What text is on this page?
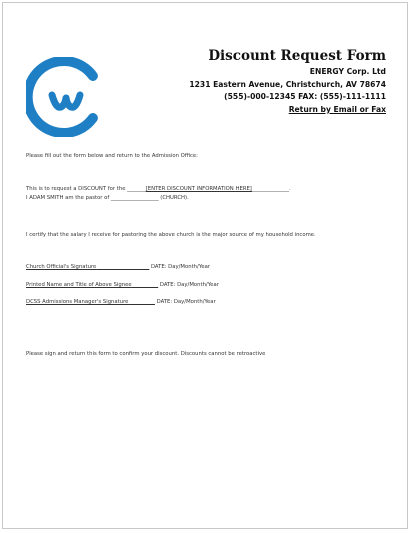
Discount Request Form
ENERGY Corp. Ltd
1231 Eastern Avenue, Christchurch, AV 78674
(555)-000-12345 FAX: (555)-111-1111
Return by Email or Fax
Please fill out the form below and return to the Admission Office:
This is to request a DISCOUNT for the _______[ENTER DISCOUNT INFORMATION HERE]______________.
I ADAM SMITH am the pastor of __________________ (CHURCH).
I certify that the salary I receive for pastoring the above church is the major source of my household income.
Church Official's Signature____________________ DATE: Day/Month/Year
Printed Name and Title of Above Signee__________ DATE: Day/Month/Year
DCSS Admissions Manager's Signature__________ DATE: Day/Month/Year
Please sign and return this form to confirm your discount. Discounts cannot be retroactive
